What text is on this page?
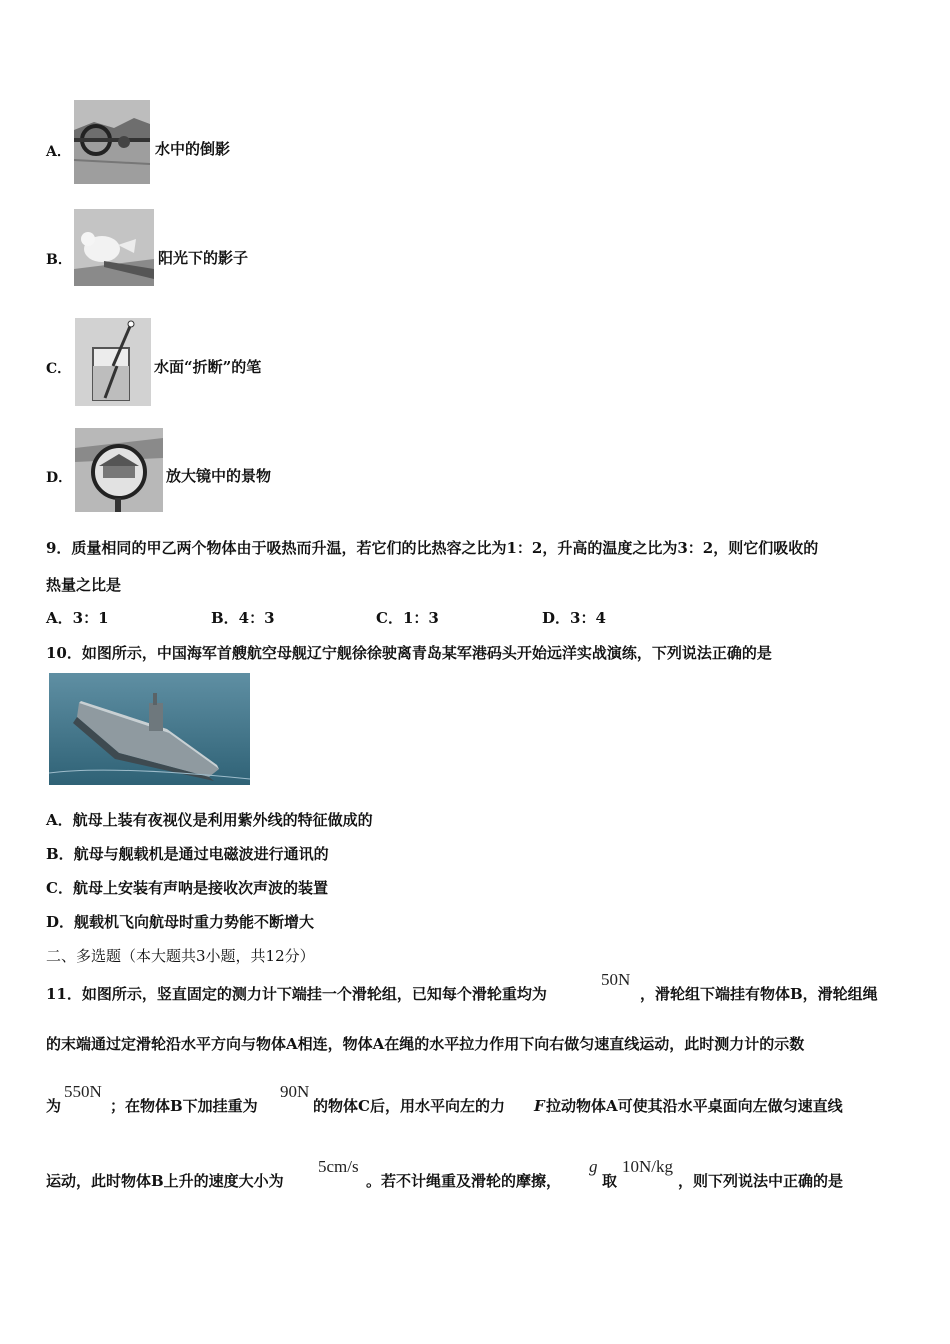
A．	水中的倒影
B．	阳光下的影子
C．	水面“折断”的笔
D．	放大镜中的景物
9．质量相同的甲乙两个物体由于吸热而升温，若它们的比热容之比为1：2，升高的温度之比为3：2，则它们吸收的
热量之比是
A．3：1	B．4：3	C．1：3	D．3：4
10．如图所示，中国海军首艘航空母舰辽宁舰徐徐驶离青岛某军港码头开始远洋实战演练，下列说法正确的是
A．航母上装有夜视仪是利用紫外线的特征做成的
B．航母与舰载机是通过电磁波进行通讯的
C．航母上安装有声呐是接收次声波的装置
D．舰载机飞向航母时重力势能不断增大
二、多选题（本大题共3小题，共12分）
11．如图所示，竖直固定的测力计下端挂一个滑轮组，已知每个滑轮重均为
50N
，滑轮组下端挂有物体B，滑轮组绳
的末端通过定滑轮沿水平方向与物体A相连，物体A在绳的水平拉力作用下向右做匀速直线运动，此时测力计的示数
为
550N
；在物体B下加挂重为
90N
的物体C后，用水平向左的力 F 拉动物体A可使其沿水平桌面向左做匀速直线
运动，此时物体B上升的速度大小为
5cm/s
。若不计绳重及滑轮的摩擦，
g
取
10N/kg
，则下列说法中正确的是
